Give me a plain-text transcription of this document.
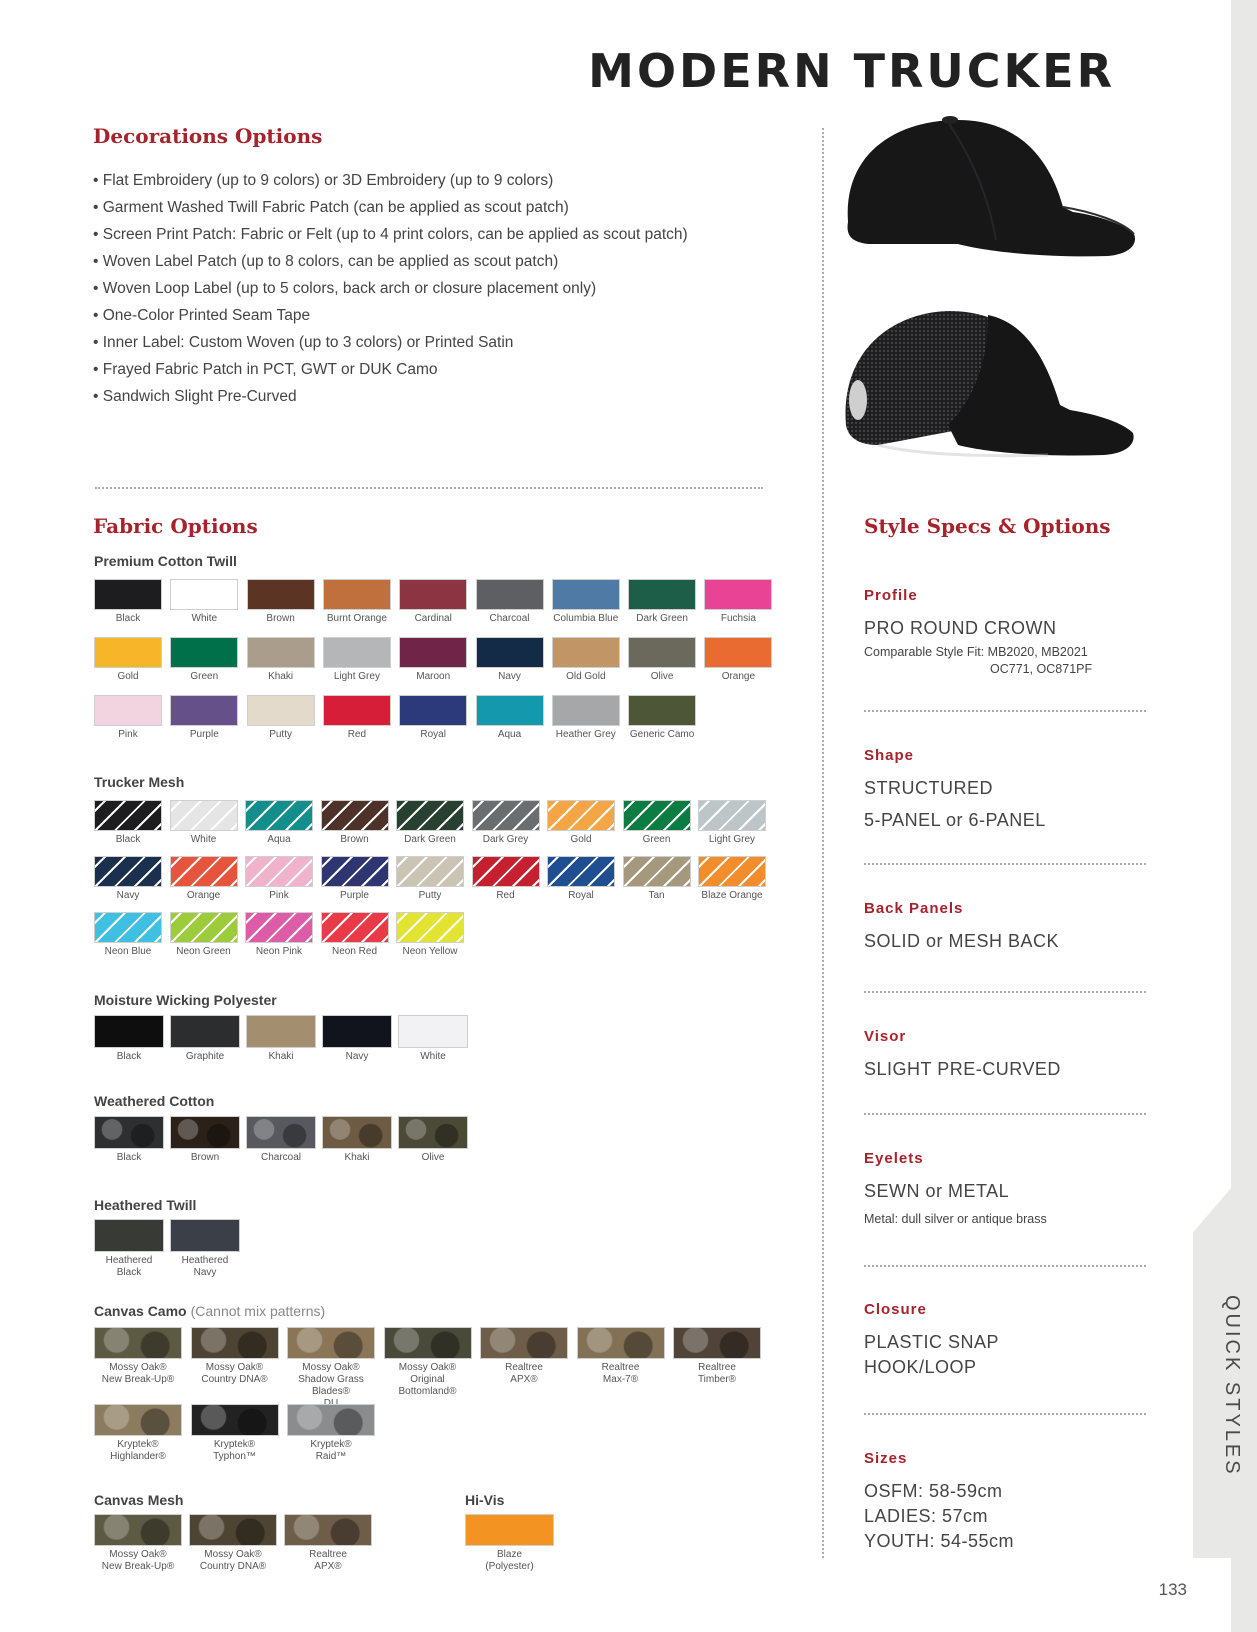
QUICK STYLES
133
MODERN TRUCKER
Decorations Options
• Flat Embroidery (up to 9 colors) or 3D Embroidery (up to 9 colors)
• Garment Washed Twill Fabric Patch (can be applied as scout patch)
• Screen Print Patch: Fabric or Felt (up to 4 print colors, can be applied as scout patch)
• Woven Label Patch (up to 8 colors, can be applied as scout patch)
• Woven Loop Label (up to 5 colors, back arch or closure placement only)
• One-Color Printed Seam Tape
• Inner Label: Custom Woven (up to 3 colors) or Printed Satin
• Frayed Fabric Patch in PCT, GWT or DUK Camo
• Sandwich Slight Pre-Curved
Fabric Options
Premium Cotton Twill
Black	White	Brown	Burnt Orange	Cardinal	Charcoal	Columbia Blue	Dark Green	Fuchsia
Gold	Green	Khaki	Light Grey	Maroon	Navy	Old Gold	Olive	Orange
Pink	Purple	Putty	Red	Royal	Aqua	Heather Grey	Generic Camo
Trucker Mesh
Black	White	Aqua	Brown	Dark Green	Dark Grey	Gold	Green	Light Grey
Navy	Orange	Pink	Purple	Putty	Red	Royal	Tan	Blaze Orange
Neon Blue	Neon Green	Neon Pink	Neon Red	Neon Yellow
Moisture Wicking Polyester
Black	Graphite	Khaki	Navy	White
Weathered Cotton
Black	Brown	Charcoal	Khaki	Olive
Heathered Twill
Heathered
Black
Heathered
Navy
Canvas Camo (Cannot mix patterns)
Mossy Oak®
New Break-Up®
Mossy Oak®
Country DNA®
Mossy Oak®
Shadow Grass Blades®

Mossy Oak®
Original
Bottomland®
Realtree
APX®
Realtree
Max-7®
Realtree
Timber®
Kryptek®
Highlander®
Kryptek®
Typhon™
Kryptek®
Raid™
Canvas Mesh
Mossy Oak®
New Break-Up®
Mossy Oak®
Country DNA®
Realtree
APX®
Hi-Vis
Blaze
(Polyester)
Style Specs & Options
Profile
PRO ROUND CROWN
Comparable Style Fit: MB2020, MB2021
OC771, OC871PF
Shape
STRUCTURED
5-PANEL or 6-PANEL
Back Panels
SOLID or MESH BACK
Visor
SLIGHT PRE-CURVED
Eyelets
SEWN or METAL
Metal: dull silver or antique brass
Closure
PLASTIC SNAP
HOOK/LOOP
Sizes
OSFM: 58-59cm
LADIES: 57cm
YOUTH: 54-55cm
